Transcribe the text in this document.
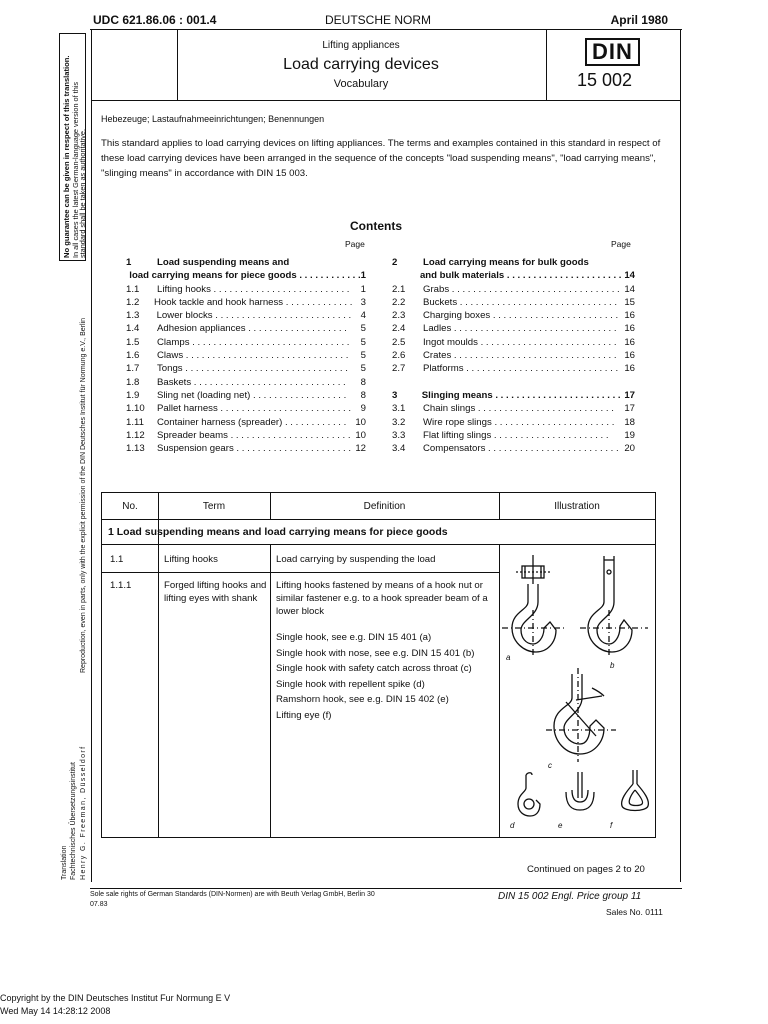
UDC 621.86.06 : 001.4	DEUTSCHE NORM	April 1980
No guarantee can be given in respect of this translation. In all cases the latest German-language version of this
standard shall be taken as authoritative.
Reproduction, even in parts, only with the explicit permission of the DIN Deutsches Institut für Normung e.V., Berlin
Translation Fachtechnisches Übersetzungsinstitut Henry G. Freeman, Düsseldorf
Lifting appliances
Load carrying devices
Vocabulary
DIN
15 002
Hebezeuge; Lastaufnahmeeinrichtungen; Benennungen
This standard applies to load carrying devices on lifting appliances. The terms and examples contained in this standard in respect of these load carrying devices have been arranged in the sequence of the concepts "load suspending means", "load carrying means", "slinging means" in accordance with DIN 15 003.
Contents
Page	Page
1	Load suspending means and
load carrying means for piece goods . . . . . . . . . . . . 1
1.1	Lifting hooks . . . . . . . . . . . . . . . . . . . . . . . . . .	1
1.2	Hook tackle and hook harness . . . . . . . . . . . . . 3
1.3	Lower blocks . . . . . . . . . . . . . . . . . . . . . . . . . . 4
1.4	Adhesion appliances . . . . . . . . . . . . . . . . . . .	5
1.5	Clamps . . . . . . . . . . . . . . . . . . . . . . . . . . . . . .	5
1.6	Claws . . . . . . . . . . . . . . . . . . . . . . . . . . . . . . .	5
1.7	Tongs . . . . . . . . . . . . . . . . . . . . . . . . . . . . . . .	5
1.8	Baskets . . . . . . . . . . . . . . . . . . . . . . . . . . . . .	8
1.9	Sling net (loading net) . . . . . . . . . . . . . . . . . .	8
1.10	Pallet harness . . . . . . . . . . . . . . . . . . . . . . . . .	9
1.11	Container harness (spreader) . . . . . . . . . . . . 10
1.12	Spreader beams . . . . . . . . . . . . . . . . . . . . . . . 10
1.13	Suspension gears . . . . . . . . . . . . . . . . . . . . . . 12
2	Load carrying means for bulk goods
and bulk materials . . . . . . . . . . . . . . . . . . . . . . 14
2.1	Grabs . . . . . . . . . . . . . . . . . . . . . . . . . . . . . . . . 14
2.2	Buckets . . . . . . . . . . . . . . . . . . . . . . . . . . . . . . 15
2.3	Charging boxes . . . . . . . . . . . . . . . . . . . . . . . . 16
2.4	Ladles . . . . . . . . . . . . . . . . . . . . . . . . . . . . . . . 16
2.5	Ingot moulds . . . . . . . . . . . . . . . . . . . . . . . . . . 16
2.6	Crates . . . . . . . . . . . . . . . . . . . . . . . . . . . . . . . 16
2.7	Platforms . . . . . . . . . . . . . . . . . . . . . . . . . . . . . 16
3	Slinging means . . . . . . . . . . . . . . . . . . . . . . . . 17
3.1	Chain slings . . . . . . . . . . . . . . . . . . . . . . . . . .	17
3.2	Wire rope slings . . . . . . . . . . . . . . . . . . . . . . .	18
3.3	Flat lifting slings . . . . . . . . . . . . . . . . . . . . . .	19
3.4	Compensators . . . . . . . . . . . . . . . . . . . . . . . . . 20
No.	Term	Definition	Illustration
1 Load suspending means and load carrying means for piece goods
1.1	Lifting hooks	Load carrying by suspending the load
1.1.1	Forged lifting hooks and lifting eyes with shank
Lifting hooks fastened by means of a hook nut or similar fastener e.g. to a hook spreader beam of a lower block
Single hook, see e.g. DIN 15 401 (a)
Single hook with nose, see e.g. DIN 15 401 (b)
Single hook with safety catch across throat (c)
Single hook with repellent spike (d)
Ramshorn hook, see e.g. DIN 15 402 (e)
Lifting eye (f)
a
b
c
d	e	f
Continued on pages 2 to 20
Sole sale rights of German Standards (DIN-Normen) are with Beuth Verlag GmbH, Berlin 30
07.83
DIN 15 002 Engl. Price group 11
Sales No. 0111
Copyright by the DIN Deutsches Institut Fur Normung E V
Wed May 14 14:28:12 2008
